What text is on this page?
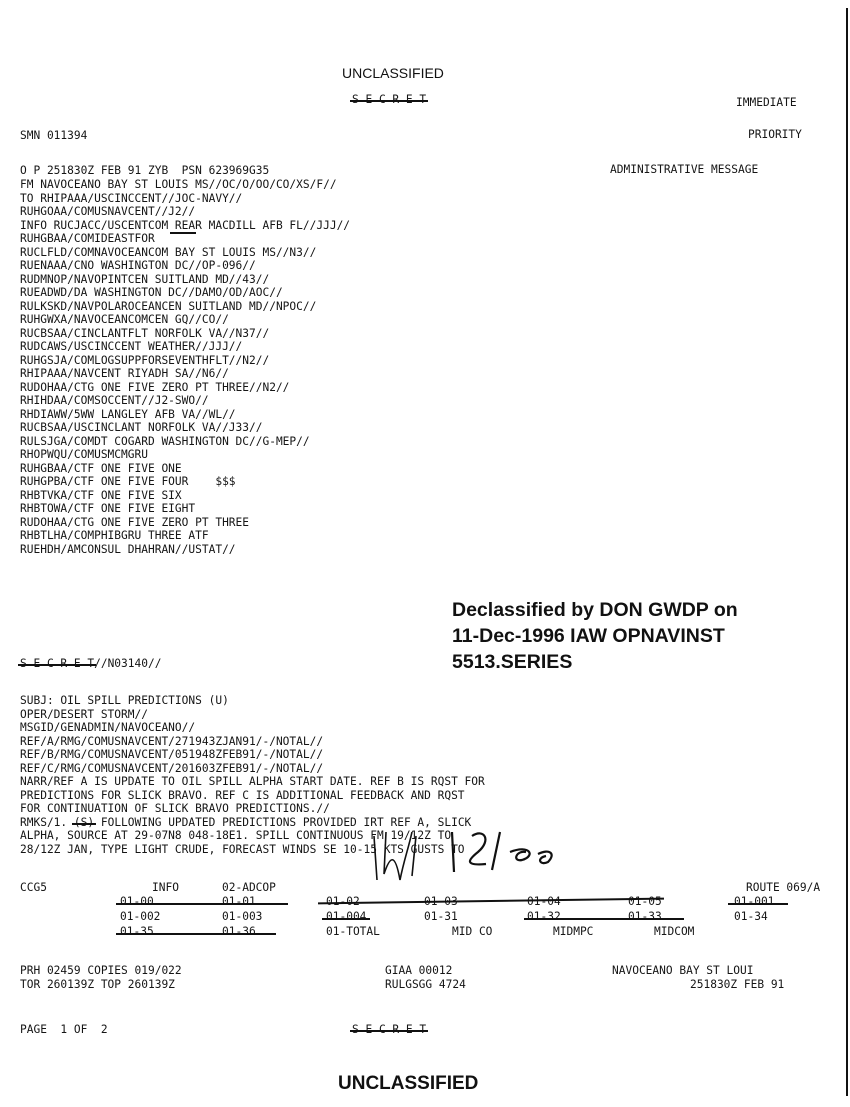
UNCLASSIFIED
S E C R E T	IMMEDIATE
PRIORITY
ADMINISTRATIVE MESSAGE
SMN 011394
O P 251830Z FEB 91 ZYB  PSN 623969G35
FM NAVOCEANO BAY ST LOUIS MS//OC/O/OO/CO/XS/F//
TO RHIPAAA/USCINCCENT//JOC-NAVY//
RUHGOAA/COMUSNAVCENT//J2//
INFO RUCJACC/USCENTCOM REAR MACDILL AFB FL//JJJ//
RUHGBAA/COMIDEASTFOR
RUCLFLD/COMNAVOCEANCOM BAY ST LOUIS MS//N3//
RUENAAA/CNO WASHINGTON DC//OP-096//
RUDMNOP/NAVOPINTCEN SUITLAND MD//43//
RUEADWD/DA WASHINGTON DC//DAMO/OD/AOC//
RULKSKD/NAVPOLAROCEANCEN SUITLAND MD//NPOC//
RUHGWXA/NAVOCEANCOMCEN GQ//CO//
RUCBSAA/CINCLANTFLT NORFOLK VA//N37//
RUDCAWS/USCINCCENT WEATHER//JJJ//
RUHGSJA/COMLOGSUPPFORSEVENTHFLT//N2//
RHIPAAA/NAVCENT RIYADH SA//N6//
RUDOHAA/CTG ONE FIVE ZERO PT THREE//N2//
RHIHDAA/COMSOCCENT//J2-SWO//
RHDIAWW/5WW LANGLEY AFB VA//WL//
RUCBSAA/USCINCLANT NORFOLK VA//J33//
RULSJGA/COMDT COGARD WASHINGTON DC//G-MEP//
RHOPWQU/COMUSMCMGRU
RUHGBAA/CTF ONE FIVE ONE
RUHGPBA/CTF ONE FIVE FOUR    $$$
RHBTVKA/CTF ONE FIVE SIX
RHBTOWA/CTF ONE FIVE EIGHT
RUDOHAA/CTG ONE FIVE ZERO PT THREE
RHBTLHA/COMPHIBGRU THREE ATF
RUEHDH/AMCONSUL DHAHRAN//USTAT//
Declassified by DON GWDP on
11-Dec-1996 IAW OPNAVINST
5513.SERIES
S E C R E T//N03140//
SUBJ: OIL SPILL PREDICTIONS (U)
OPER/DESERT STORM//
MSGID/GENADMIN/NAVOCEANO//
REF/A/RMG/COMUSNAVCENT/271943ZJAN91/-/NOTAL//
REF/B/RMG/COMUSNAVCENT/051948ZFEB91/-/NOTAL//
REF/C/RMG/COMUSNAVCENT/201603ZFEB91/-/NOTAL//
NARR/REF A IS UPDATE TO OIL SPILL ALPHA START DATE. REF B IS RQST FOR
PREDICTIONS FOR SLICK BRAVO. REF C IS ADDITIONAL FEEDBACK AND RQST
FOR CONTINUATION OF SLICK BRAVO PREDICTIONS.//
RMKS/1. (S) FOLLOWING UPDATED PREDICTIONS PROVIDED IRT REF A, SLICK
ALPHA, SOURCE AT 29-07N8 048-18E1. SPILL CONTINUOUS FM 19/12Z TO
28/12Z JAN, TYPE LIGHT CRUDE, FORECAST WINDS SE 10-15 KTS GUSTS TO
12/06
CCG5	INFO	02-ADCOP	ROUTE 069/A
01-00	01-01	01-02	01-03	01-04	01-05	01-001
01-002	01-003	01-004	01-31	01-32	01-33	01-34
01-35	01-36	01-TOTAL	MID CO	MIDMPC	MIDCOM
PRH 02459 COPIES 019/022
TOR 260139Z TOP 260139Z
GIAA 00012
RULGSGG 4724
NAVOCEANO BAY ST LOUI
251830Z FEB 91
PAGE  1 OF  2	S E C R E T
UNCLASSIFIED
